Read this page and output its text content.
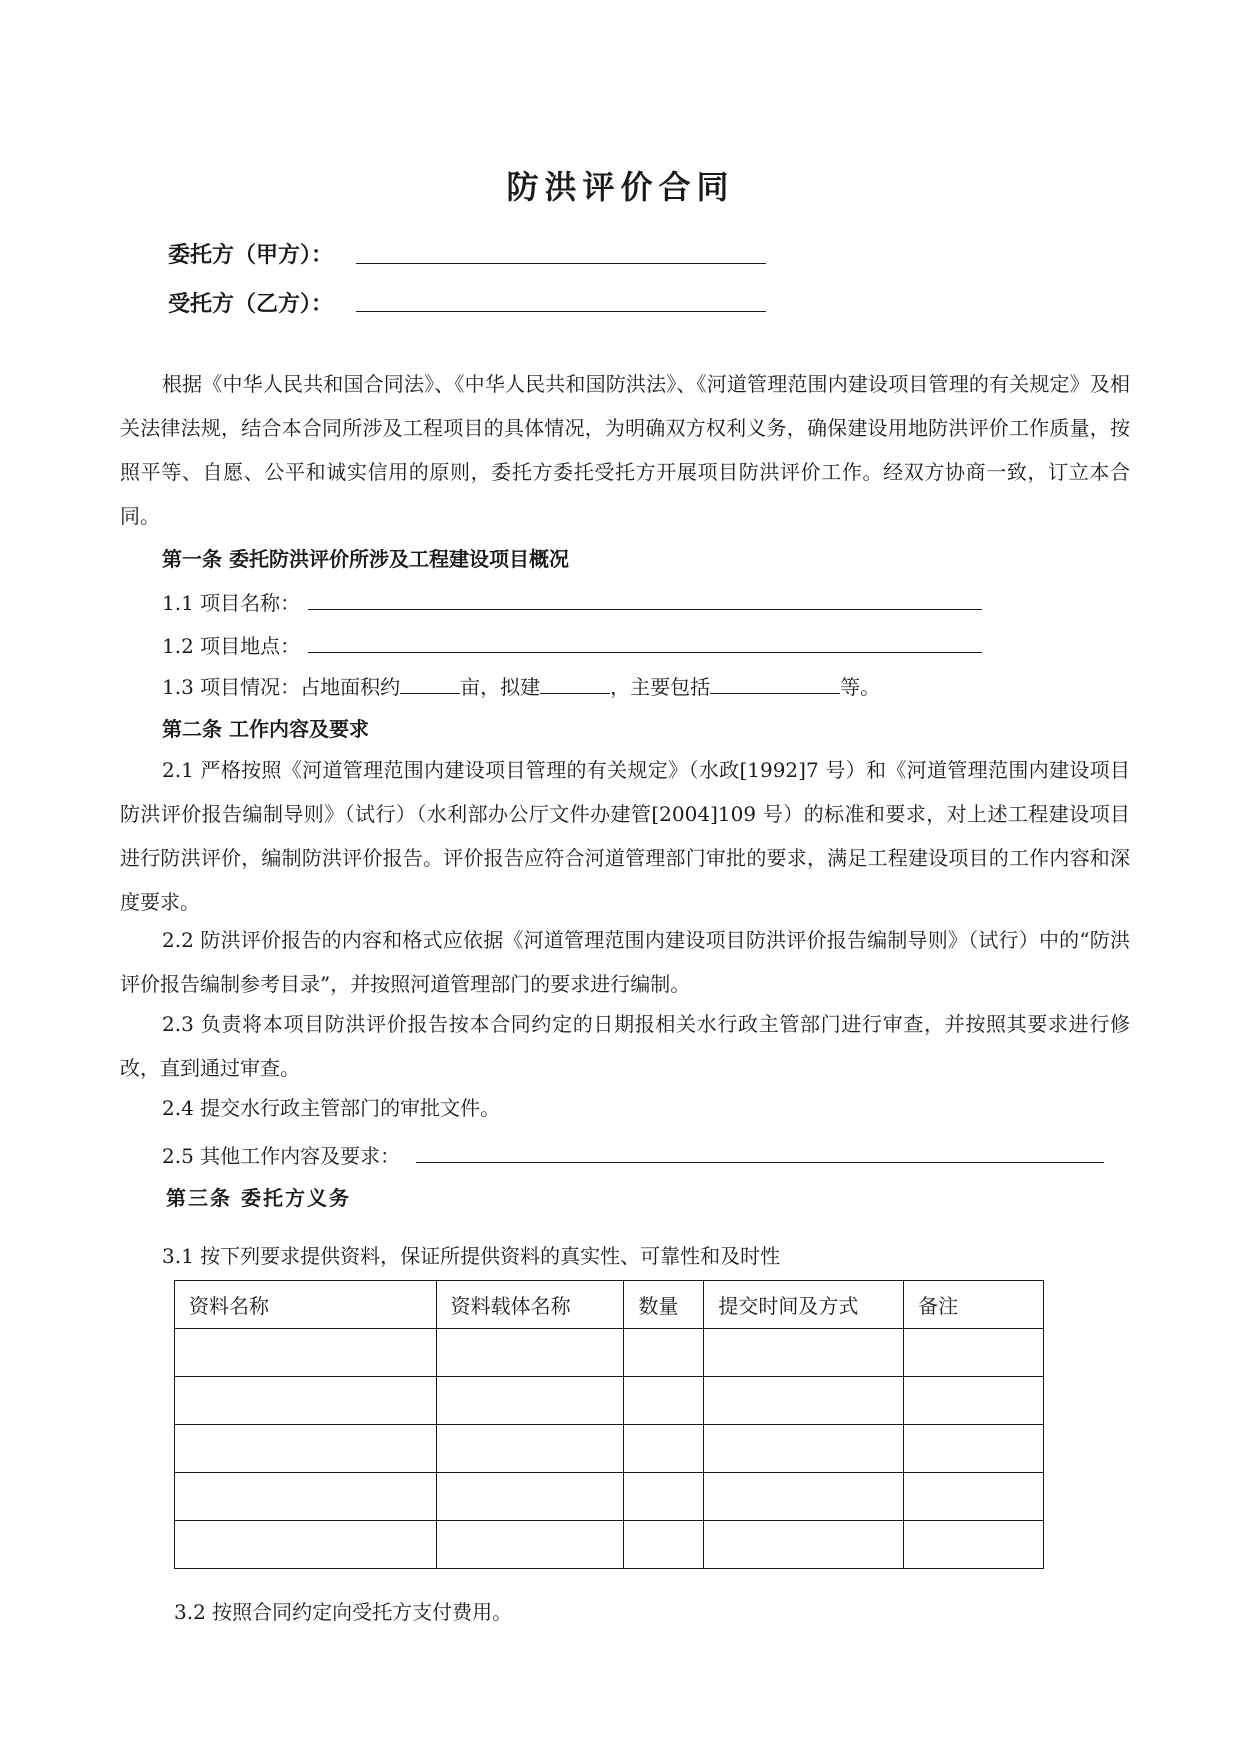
防洪评价合同
委托方（甲方）：
受托方（乙方）：
根据《中华人民共和国合同法》、《中华人民共和国防洪法》、《河道管理范围内建设项目管理的有关规定》及相关法律法规，结合本合同所涉及工程项目的具体情况，为明确双方权利义务，确保建设用地防洪评价工作质量，按照平等、自愿、公平和诚实信用的原则，委托方委托受托方开展项目防洪评价工作。经双方协商一致，订立本合同。
第一条 委托防洪评价所涉及工程建设项目概况
1.1 项目名称：
1.2 项目地点：
1.3 项目情况：占地面积约	亩，拟建	，主要包括	等。
第二条 工作内容及要求
2.1 严格按照《河道管理范围内建设项目管理的有关规定》（水政[1992]7 号）和《河道管理范围内建设项目防洪评价报告编制导则》（试行）（水利部办公厅文件办建管[2004]109 号）的标准和要求，对上述工程建设项目进行防洪评价，编制防洪评价报告。评价报告应符合河道管理部门审批的要求，满足工程建设项目的工作内容和深度要求。
2.2 防洪评价报告的内容和格式应依据《河道管理范围内建设项目防洪评价报告编制导则》（试行）中的“防洪评价报告编制参考目录”，并按照河道管理部门的要求进行编制。
2.3 负责将本项目防洪评价报告按本合同约定的日期报相关水行政主管部门进行审查，并按照其要求进行修改，直到通过审查。
2.4 提交水行政主管部门的审批文件。
2.5 其他工作内容及要求：
第三条 委托方义务
3.1 按下列要求提供资料，保证所提供资料的真实性、可靠性和及时性
资料名称	资料载体名称	数量	提交时间及方式	备注

3.2 按照合同约定向受托方支付费用。
